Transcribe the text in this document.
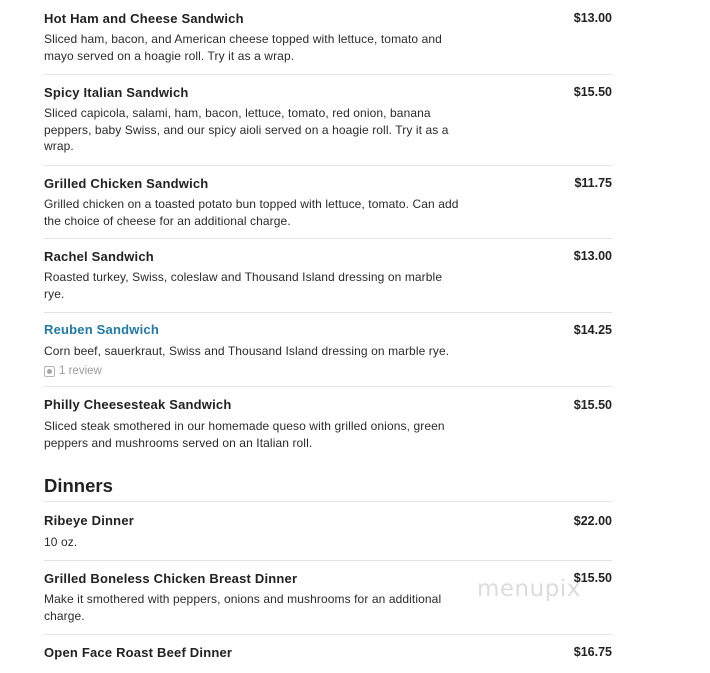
Hot Ham and Cheese Sandwich	$13.00
Sliced ham, bacon, and American cheese topped with lettuce, tomato and
mayo served on a hoagie roll. Try it as a wrap.
Spicy Italian Sandwich	$15.50
Sliced capicola, salami, ham, bacon, lettuce, tomato, red onion, banana
peppers, baby Swiss, and our spicy aioli served on a hoagie roll. Try it as a
wrap.
Grilled Chicken Sandwich	$11.75
Grilled chicken on a toasted potato bun topped with lettuce, tomato. Can add
the choice of cheese for an additional charge.
Rachel Sandwich	$13.00
Roasted turkey, Swiss, coleslaw and Thousand Island dressing on marble
rye.
Reuben Sandwich	$14.25
Corn beef, sauerkraut, Swiss and Thousand Island dressing on marble rye.
1 review
Philly Cheesesteak Sandwich	$15.50
Sliced steak smothered in our homemade queso with grilled onions, green
peppers and mushrooms served on an Italian roll.
Dinners
Ribeye Dinner	$22.00
10 oz.
Grilled Boneless Chicken Breast Dinner	$15.50
Make it smothered with peppers, onions and mushrooms for an additional
charge.
Open Face Roast Beef Dinner	$16.75
menupix
